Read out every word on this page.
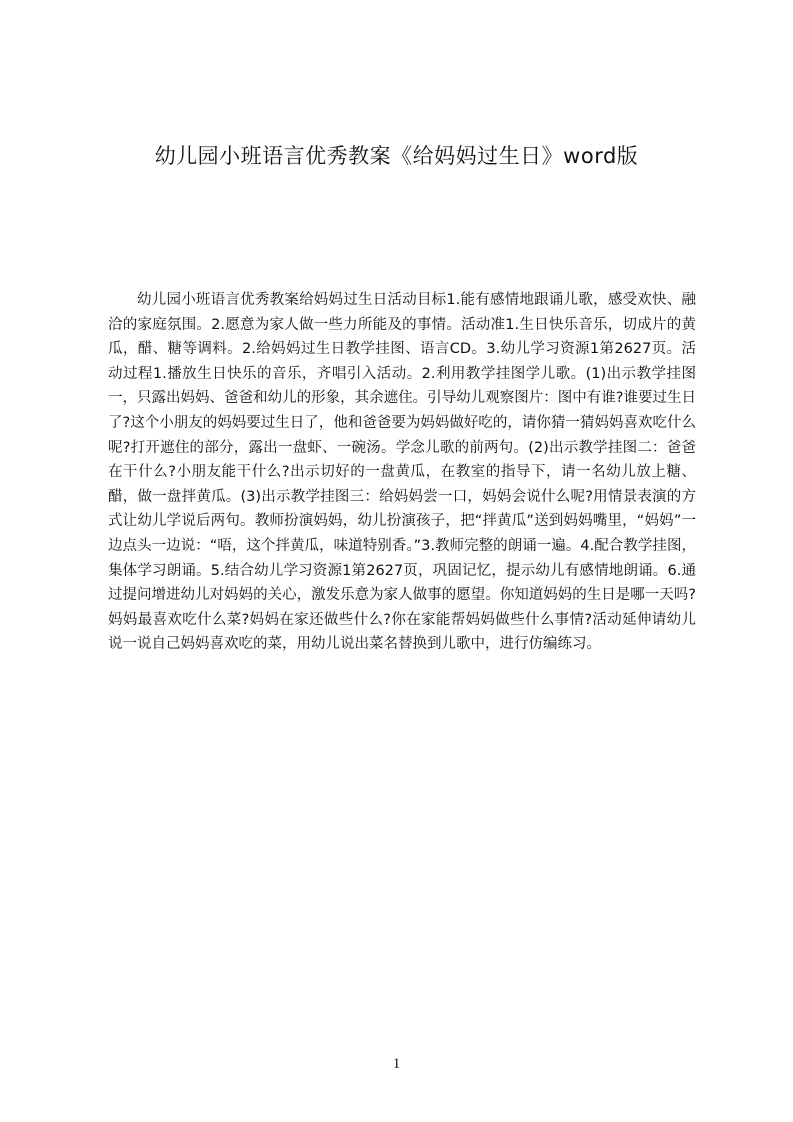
幼儿园小班语言优秀教案《给妈妈过生日》word版
幼儿园小班语言优秀教案给妈妈过生日活动目标1.能有感情地跟诵儿歌，感受欢快、融洽的家庭氛围。2.愿意为家人做一些力所能及的事情。活动准1.生日快乐音乐，切成片的黄瓜，醋、糖等调料。2.给妈妈过生日教学挂图、语言CD。3.幼儿学习资源1第2627页。活动过程1.播放生日快乐的音乐，齐唱引入活动。2.利用教学挂图学儿歌。(1)出示教学挂图一，只露出妈妈、爸爸和幼儿的形象，其余遮住。引导幼儿观察图片：图中有谁?谁要过生日了?这个小朋友的妈妈要过生日了，他和爸爸要为妈妈做好吃的，请你猜一猜妈妈喜欢吃什么呢?打开遮住的部分，露出一盘虾、一碗汤。学念儿歌的前两句。(2)出示教学挂图二：爸爸在干什么?小朋友能干什么?出示切好的一盘黄瓜，在教室的指导下，请一名幼儿放上糖、醋，做一盘拌黄瓜。(3)出示教学挂图三：给妈妈尝一口，妈妈会说什么呢?用情景表演的方式让幼儿学说后两句。教师扮演妈妈，幼儿扮演孩子，把“拌黄瓜”送到妈妈嘴里，“妈妈”一边点头一边说：“唔，这个拌黄瓜，味道特别香。”3.教师完整的朗诵一遍。4.配合教学挂图，集体学习朗诵。5.结合幼儿学习资源1第2627页，巩固记忆，提示幼儿有感情地朗诵。6.通过提问增进幼儿对妈妈的关心，激发乐意为家人做事的愿望。你知道妈妈的生日是哪一天吗?妈妈最喜欢吃什么菜?妈妈在家还做些什么?你在家能帮妈妈做些什么事情?活动延伸请幼儿说一说自己妈妈喜欢吃的菜，用幼儿说出菜名替换到儿歌中，进行仿编练习。
1
